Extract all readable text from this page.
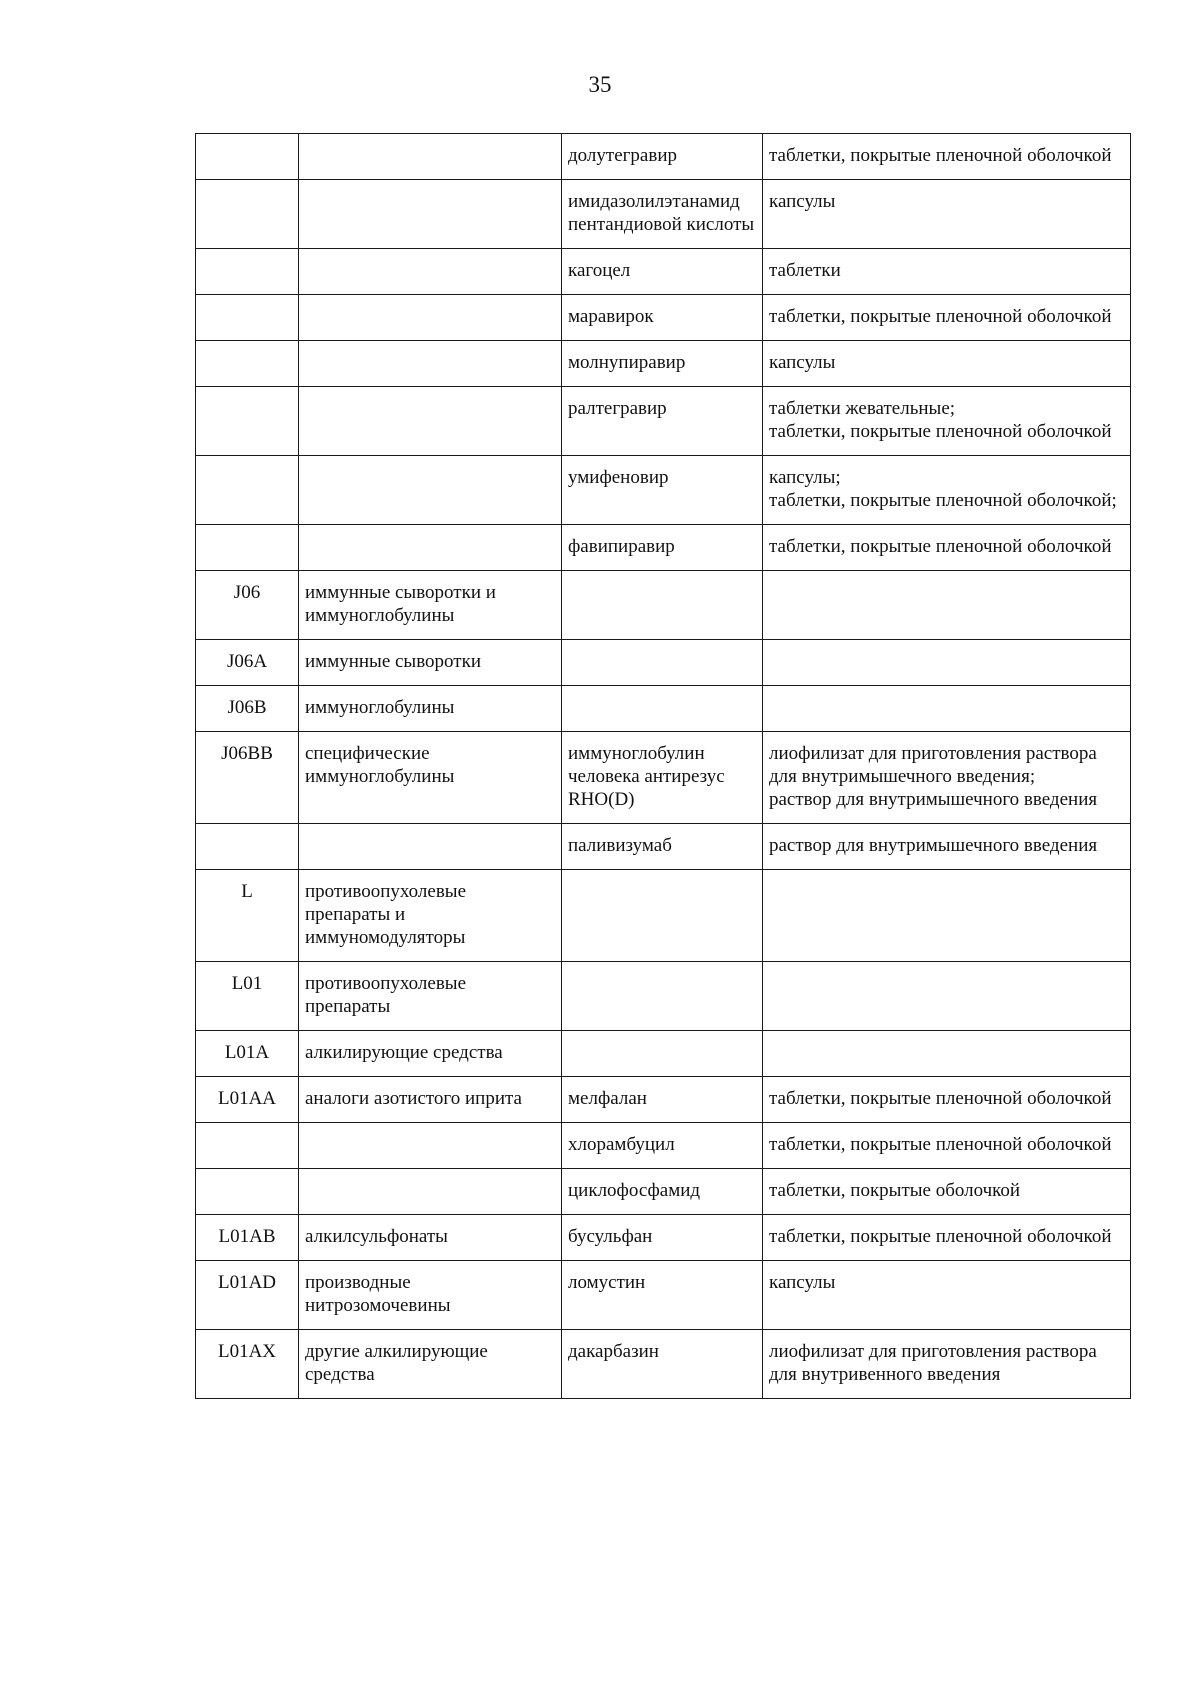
35
		долутегравир	таблетки, покрытые пленочной оболочкой
		имидазолилэтанамид пентандиовой кислоты	капсулы
		кагоцел	таблетки
		маравирок	таблетки, покрытые пленочной оболочкой
		молнупиравир	капсулы
		ралтегравир	таблетки жевательные;
таблетки, покрытые пленочной оболочкой
		умифеновир	капсулы;
таблетки, покрытые пленочной оболочкой;
		фавипиравир	таблетки, покрытые пленочной оболочкой
J06	иммунные сыворотки и иммуноглобулины		
J06A	иммунные сыворотки		
J06B	иммуноглобулины		
J06BB	специфические иммуноглобулины	иммуноглобулин человека антирезус RHO(D)	лиофилизат для приготовления раствора для внутримышечного введения;
раствор для внутримышечного введения
		паливизумаб	раствор для внутримышечного введения
L	противоопухолевые препараты и иммуномодуляторы		
L01	противоопухолевые препараты		
L01A	алкилирующие средства		
L01AA	аналоги азотистого иприта	мелфалан	таблетки, покрытые пленочной оболочкой
		хлорамбуцил	таблетки, покрытые пленочной оболочкой
		циклофосфамид	таблетки, покрытые оболочкой
L01AB	алкилсульфонаты	бусульфан	таблетки, покрытые пленочной оболочкой
L01AD	производные нитрозомочевины	ломустин	капсулы
L01AX	другие алкилирующие средства	дакарбазин	лиофилизат для приготовления раствора для внутривенного введения
